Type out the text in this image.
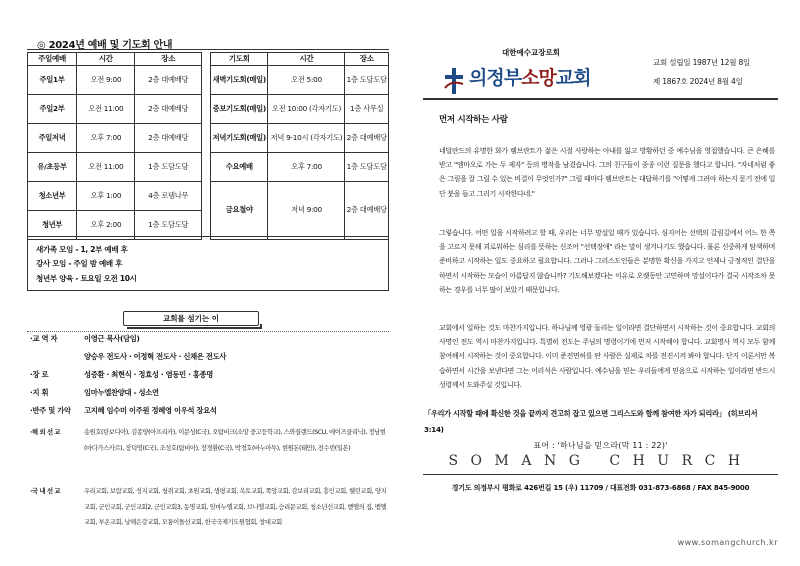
◎ 2024년 예배 및 기도회 안내
주일예배	시간	장소
주일1부	오전 9:00	2층 대예배당
주일2부	오전 11:00	2층 대예배당
주일저녁	오후 7:00	2층 대예배당
유/초등부	오전 11:00	1층 도담도담
청소년부	오후 1:00	4층 로뎀나무
청년부	오후 2:00	1층 도담도담
기도회	시간	장소
새벽기도회(매일)	오전 5:00	1층 도담도담
중보기도회(매일)	오전 10:00 (각자기도)	1층 사무실
저녁기도회(매일)	저녁 9-10시 (각자기도)	2층 대예배당
수요예배	오후 7:00	1층 도담도담
금요철야	저녁 9:00	2층 대예배당
새가족 모임 - 1, 2부 예배 후
강사 모임 - 주일 밤 예배 후
청년부 양육 - 토요일 오전 10시
교회를 섬기는 이
·교 역 자	이영근 목사(담임)
양승우 전도사 · 이정혁 전도사 · 신채은 전도사
·장 로	성증환 · 최현식 · 정효성 · 염동민 · 홍종명
·지 휘	임마누엘찬양대 - 성소연
·반주 및 가악 고지혜 임수미 이주원 정혜영 이우석 장요석
·해 외 선 교	송원호(탄보디아), 김종양(아프리카), 이문성(C국), 오탐비크(소망 중고등학교), 스와질랜드(SCU, 에이즈클리닉), 정남현(마다가스카르), 장덕영(C국), 조성호(탐비아), 장경환(C국), 박경호(바누아투), 현원돈(태만), 전수빈(일본)
·국 내 선 교	우리교회, 보람교회, 성지교회, 청쥐교회, 초원교회, 생평교회, 옥토교회, 쪽앙교회, 감보리교회, 흥인교회, 웰린교회, 양지교회, 군인교회, 군인교회2, 군인교회3, 동명교회, 임마누엘교회, 브니엘교회, 승리문교회, 청소년선교회, 벧엘의 집, 벧엘교회, 부온교회, 낭해은강교회, 모퉁이돌선교회, 한국국제기도원협회, 창대교회
대한예수교장로회
의정부소망교회
교회 설립일 1987년 12월 8일
제 1867호 2024년 8월 4일
먼저 시작하는 사람
네덜란드의 유명한 화가 렘브란트가 젊은 시절 사랑하는 아내를 잃고 방황하던 중 예수님을 영접했습니다. 큰 은혜를 받고 "엠마오로 가는 두 제자" 등의 명작을 남겼습니다. 그의 친구들이 종종 이런 질문을 했다고 합니다. "자네처럼 좋은 그림을 잘 그릴 수 있는 비결이 무엇인가?" 그럴 때마다 렘브란트는 대답하기를 "어떻게 그려야 하는지 묻기 전에 일단 붓을 들고 그리기 시작한다네."
그렇습니다. 어떤 일을 시작하려고 할 때, 우리는 너무 망설일 때가 있습니다. 심지어는 선택의 갈림길에서 어느 한 쪽을 고르지 못해 괴로워하는 심리를 뜻하는 신조어 "선택장애" 라는 말이 생겨나기도 했습니다. 물론 신중하게 탐색하며 준비하고 시작하는 일도 중요하고 필요합니다. 그러나 그리스도인들은 분명한 확신을 가지고 언제나 긍정적인 결단을 하면서 시작하는 모습이 아름답지 않습니까? 기도해보겠다는 이유로 오랫동안 고민하며 망설이다가 결국 시작조차 못하는 경우를 너무 많이 보았기 때문입니다.
교회에서 일하는 것도 마찬가지입니다. 하나님께 영광 돌리는 일이라면 결단하면서 시작하는 것이 중요합니다. 교회의 사명인 전도 역시 마찬가지입니다. 특별히 전도는 주님의 명령이기에 먼저 시작해야 합니다. 교회명사 역시 모두 함께 참여해서 시작하는 것이 중요합니다. 이미 준전면허를 딴 사람은 실제로 차를 전진시켜 봐야 합니다. 단지 이론서만 복습하면서 시간을 보낸다면 그는 어리석은 사람입니다. 예수님을 믿는 우리들에게 믿음으로 시작하는 일이라면 반드시 성령께서 도와주실 것입니다.
「우리가 시작할 때에 확신한 것을 끝까지 견고히 잡고 있으면 그리스도와 함께 참여한 자가 되리라」 (히브리서3:14)
표어 : '하나님을 믿으라(막 11 : 22)'
SOMANG CHURCH
경기도 의정부시 평화로 426번길 15 (우) 11709 / 대표전화 031-873-6868 / FAX 845-9000
www.somangchurch.kr
